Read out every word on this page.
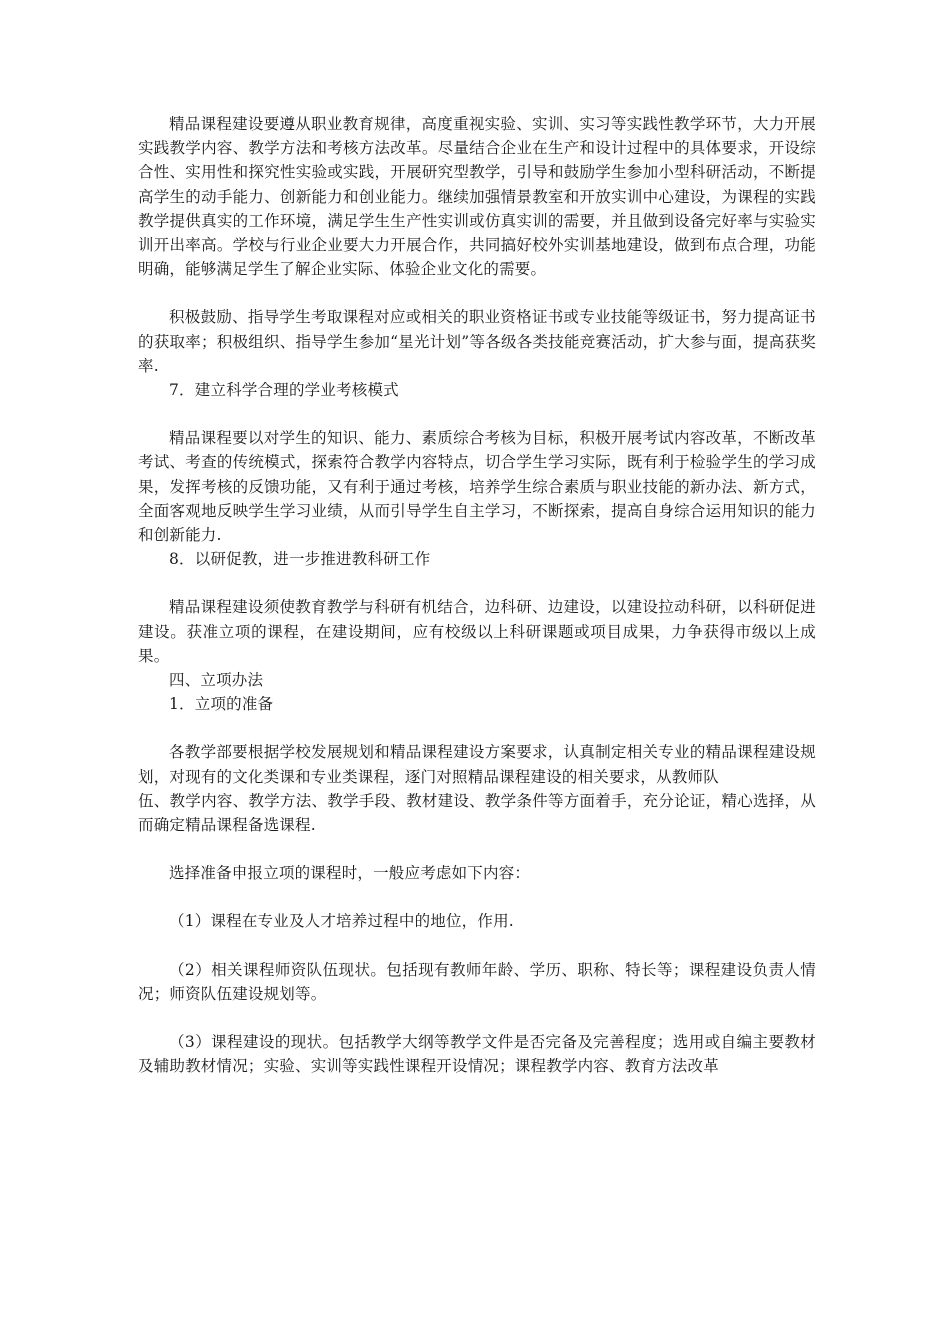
精品课程建设要遵从职业教育规律，高度重视实验、实训、实习等实践性教学环节，大力开展实践教学内容、教学方法和考核方法改革。尽量结合企业在生产和设计过程中的具体要求，开设综合性、实用性和探究性实验或实践，开展研究型教学，引导和鼓励学生参加小型科研活动，不断提高学生的动手能力、创新能力和创业能力。继续加强情景教室和开放实训中心建设，为课程的实践教学提供真实的工作环境，满足学生生产性实训或仿真实训的需要，并且做到设备完好率与实验实训开出率高。学校与行业企业要大力开展合作，共同搞好校外实训基地建设，做到布点合理，功能明确，能够满足学生了解企业实际、体验企业文化的需要。

积极鼓励、指导学生考取课程对应或相关的职业资格证书或专业技能等级证书，努力提高证书的获取率；积极组织、指导学生参加“星光计划”等各级各类技能竞赛活动，扩大参与面，提高获奖率.

7．建立科学合理的学业考核模式

精品课程要以对学生的知识、能力、素质综合考核为目标，积极开展考试内容改革，不断改革考试、考查的传统模式，探索符合教学内容特点，切合学生学习实际，既有利于检验学生的学习成果，发挥考核的反馈功能，又有利于通过考核，培养学生综合素质与职业技能的新办法、新方式，全面客观地反映学生学习业绩，从而引导学生自主学习，不断探索，提高自身综合运用知识的能力和创新能力.

8．以研促教，进一步推进教科研工作

精品课程建设须使教育教学与科研有机结合，边科研、边建设，以建设拉动科研，以科研促进建设。获准立项的课程，在建设期间，应有校级以上科研课题或项目成果，力争获得市级以上成果。

四、立项办法

1．立项的准备

各教学部要根据学校发展规划和精品课程建设方案要求，认真制定相关专业的精品课程建设规划，对现有的文化类课和专业类课程，逐门对照精品课程建设的相关要求，从教师队
伍、教学内容、教学方法、教学手段、教材建设、教学条件等方面着手，充分论证，精心选择，从而确定精品课程备选课程.

选择准备申报立项的课程时，一般应考虑如下内容：

（1）课程在专业及人才培养过程中的地位，作用.

（2）相关课程师资队伍现状。包括现有教师年龄、学历、职称、特长等；课程建设负责人情况；师资队伍建设规划等。

（3）课程建设的现状。包括教学大纲等教学文件是否完备及完善程度；选用或自编主要教材及辅助教材情况；实验、实训等实践性课程开设情况；课程教学内容、教育方法改革
